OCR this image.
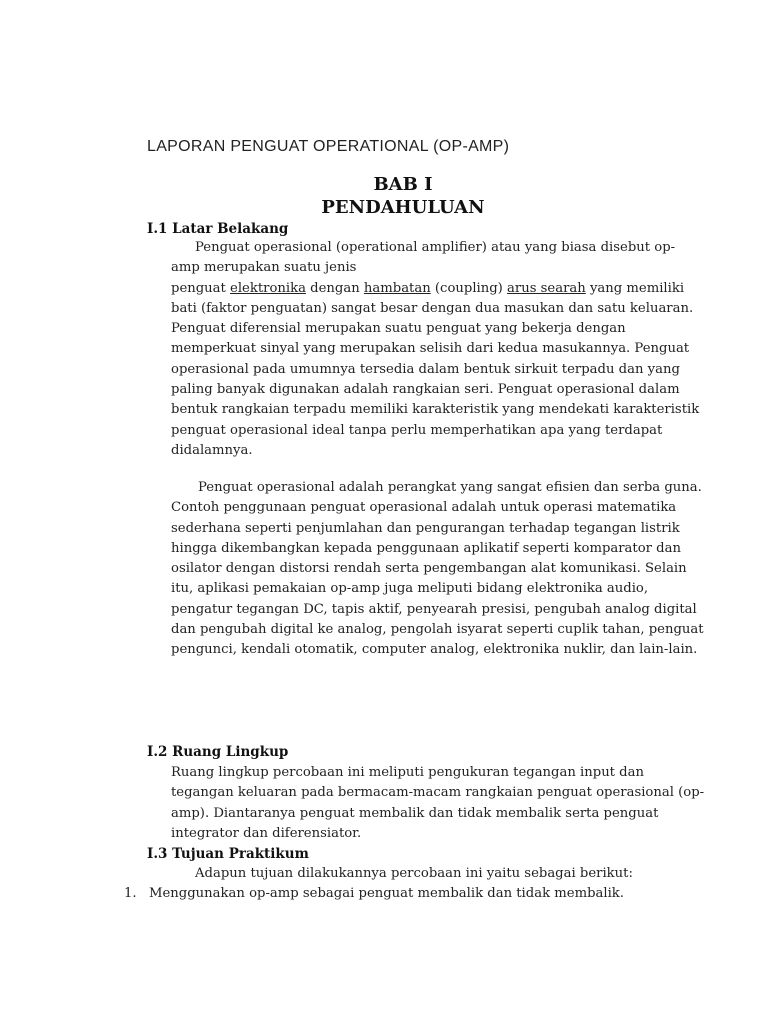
LAPORAN PENGUAT OPERATIONAL (OP-AMP)
BAB I
PENDAHULUAN
I.1 Latar Belakang
Penguat operasional (operational amplifier) atau yang biasa disebut op-
amp merupakan suatu jenis
penguat elektronika dengan hambatan (coupling) arus searah yang memiliki
bati (faktor penguatan) sangat besar dengan dua masukan dan satu keluaran.
Penguat diferensial merupakan suatu penguat yang bekerja dengan
memperkuat sinyal yang merupakan selisih dari kedua masukannya. Penguat
operasional pada umumnya tersedia dalam bentuk sirkuit terpadu dan yang
paling banyak digunakan adalah rangkaian seri. Penguat operasional dalam
bentuk rangkaian terpadu memiliki karakteristik yang mendekati karakteristik
penguat operasional ideal tanpa perlu memperhatikan apa yang terdapat
didalamnya.
Penguat operasional adalah perangkat yang sangat efisien dan serba guna.
Contoh penggunaan penguat operasional adalah untuk operasi matematika
sederhana seperti penjumlahan dan pengurangan terhadap tegangan listrik
hingga dikembangkan kepada penggunaan aplikatif seperti komparator dan
osilator dengan distorsi rendah serta pengembangan alat komunikasi. Selain
itu, aplikasi pemakaian op-amp juga meliputi bidang elektronika audio,
pengatur tegangan DC, tapis aktif, penyearah presisi, pengubah analog digital
dan pengubah digital ke analog, pengolah isyarat seperti cuplik tahan, penguat
pengunci, kendali otomatik, computer analog, elektronika nuklir, dan lain-lain.
I.2 Ruang Lingkup
Ruang lingkup percobaan ini meliputi pengukuran tegangan input dan
tegangan keluaran pada bermacam-macam rangkaian penguat operasional (op-
amp). Diantaranya penguat membalik dan tidak membalik serta penguat
integrator dan diferensiator.
I.3 Tujuan Praktikum
Adapun tujuan dilakukannya percobaan ini yaitu sebagai berikut:
1. Menggunakan op-amp sebagai penguat membalik dan tidak membalik.
